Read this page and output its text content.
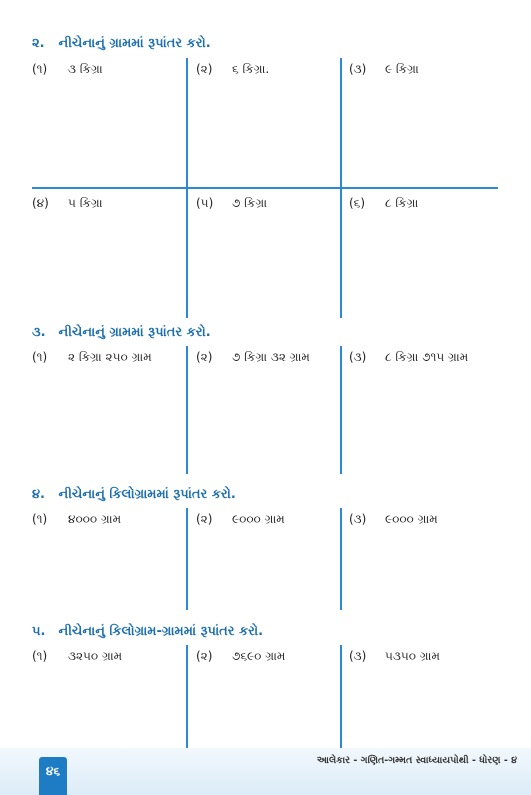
૨. નીચેનાનું ગ્રામમાં રૂપાંતર કરો.
(૧) ૩ કિગ્રા	(૨) ૬ કિગ્રા.	(૩) ૯ કિગ્રા
(૪) ૫ કિગ્રા	(૫) ૭ કિગ્રા	(૬) ૮ કિગ્રા
૩. નીચેનાનું ગ્રામમાં રૂપાંતર કરો.
(૧) ૨ કિગ્રા ૨૫૦ ગ્રામ	(૨) ૭ કિગ્રા ૩૨ ગ્રામ	(૩) ૮ કિગ્રા ૭૧૫ ગ્રામ
૪. નીચેનાનું કિલોગ્રામમાં રૂપાંતર કરો.
(૧) ૪૦૦૦ ગ્રામ	(૨) ૯૦૦૦ ગ્રામ	(૩) ૯૦૦૦ ગ્રામ
૫. નીચેનાનું કિલોગ્રામ-ગ્રામમાં રૂપાંતર કરો.
(૧) ૩૨૫૦ ગ્રામ	(૨) ૭૬૯૦ ગ્રામ	(૩) ૫૩૫૦ ગ્રામ
આલેકાર - ગણિત-ગમ્મત સ્વાધ્યાયપોથી - ધોરણ - ૪
૪૬
